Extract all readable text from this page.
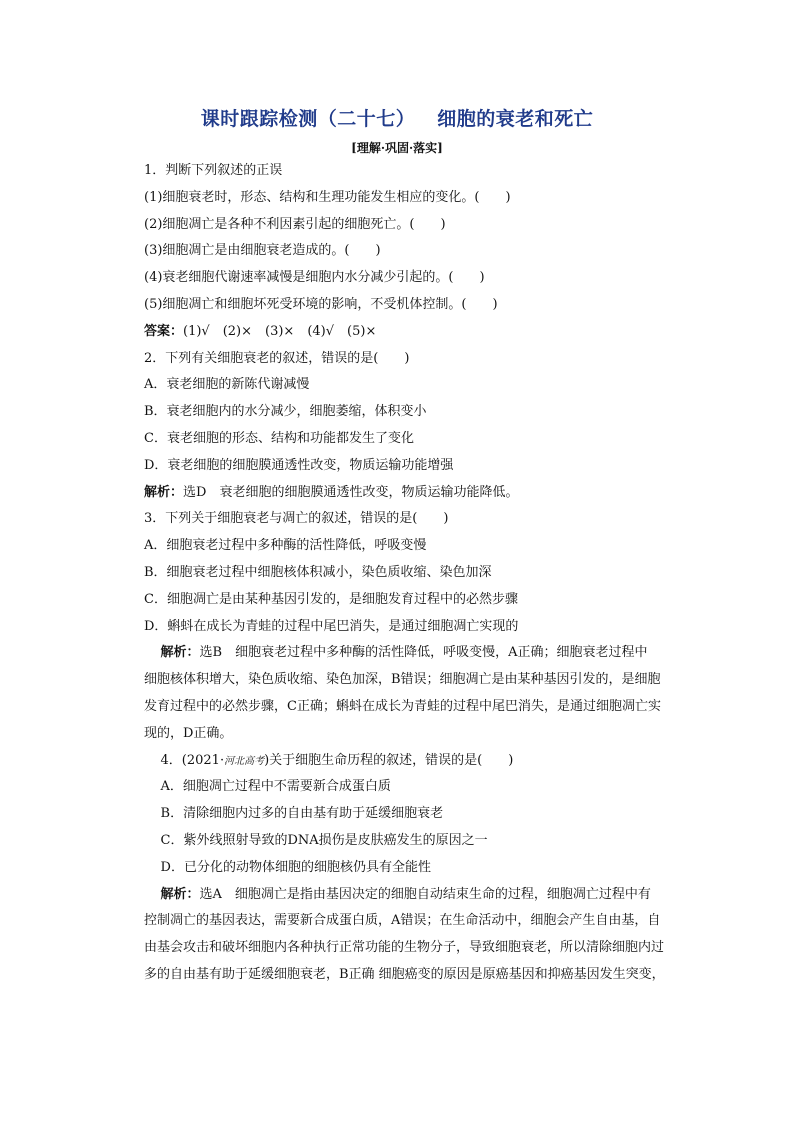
课时跟踪检测（二十七） 细胞的衰老和死亡
[理解·巩固·落实]
1．判断下列叙述的正误
(1)细胞衰老时，形态、结构和生理功能发生相应的变化。(　　)
(2)细胞凋亡是各种不利因素引起的细胞死亡。(　　)
(3)细胞凋亡是由细胞衰老造成的。(　　)
(4)衰老细胞代谢速率减慢是细胞内水分减少引起的。(　　)
(5)细胞凋亡和细胞坏死受环境的影响，不受机体控制。(　　)
答案：(1)√　(2)×　(3)×　(4)√　(5)×
2．下列有关细胞衰老的叙述，错误的是(　　)
A．衰老细胞的新陈代谢减慢
B．衰老细胞内的水分减少，细胞萎缩，体积变小
C．衰老细胞的形态、结构和功能都发生了变化
D．衰老细胞的细胞膜通透性改变，物质运输功能增强
解析：选D　衰老细胞的细胞膜通透性改变，物质运输功能降低。
3．下列关于细胞衰老与凋亡的叙述，错误的是(　　)
A．细胞衰老过程中多种酶的活性降低，呼吸变慢
B．细胞衰老过程中细胞核体积减小，染色质收缩、染色加深
C．细胞凋亡是由某种基因引发的，是细胞发育过程中的必然步骤
D．蝌蚪在成长为青蛙的过程中尾巴消失，是通过细胞凋亡实现的
解析：选B　细胞衰老过程中多种酶的活性降低，呼吸变慢，A正确；细胞衰老过程中
细胞核体积增大，染色质收缩、染色加深，B错误；细胞凋亡是由某种基因引发的，是细胞
发育过程中的必然步骤，C正确；蝌蚪在成长为青蛙的过程中尾巴消失，是通过细胞凋亡实
现的，D正确。
4．(2021·河北高考)关于细胞生命历程的叙述，错误的是(　　)
A．细胞凋亡过程中不需要新合成蛋白质
B．清除细胞内过多的自由基有助于延缓细胞衰老
C．紫外线照射导致的DNA损伤是皮肤癌发生的原因之一
D．已分化的动物体细胞的细胞核仍具有全能性
解析：选A　细胞凋亡是指由基因决定的细胞自动结束生命的过程，细胞凋亡过程中有
控制凋亡的基因表达，需要新合成蛋白质，A错误；在生命活动中，细胞会产生自由基，自
由基会攻击和破坏细胞内各种执行正常功能的生物分子，导致细胞衰老，所以清除细胞内过
多的自由基有助于延缓细胞衰老，B正确 细胞癌变的原因是原癌基因和抑癌基因发生突变，
